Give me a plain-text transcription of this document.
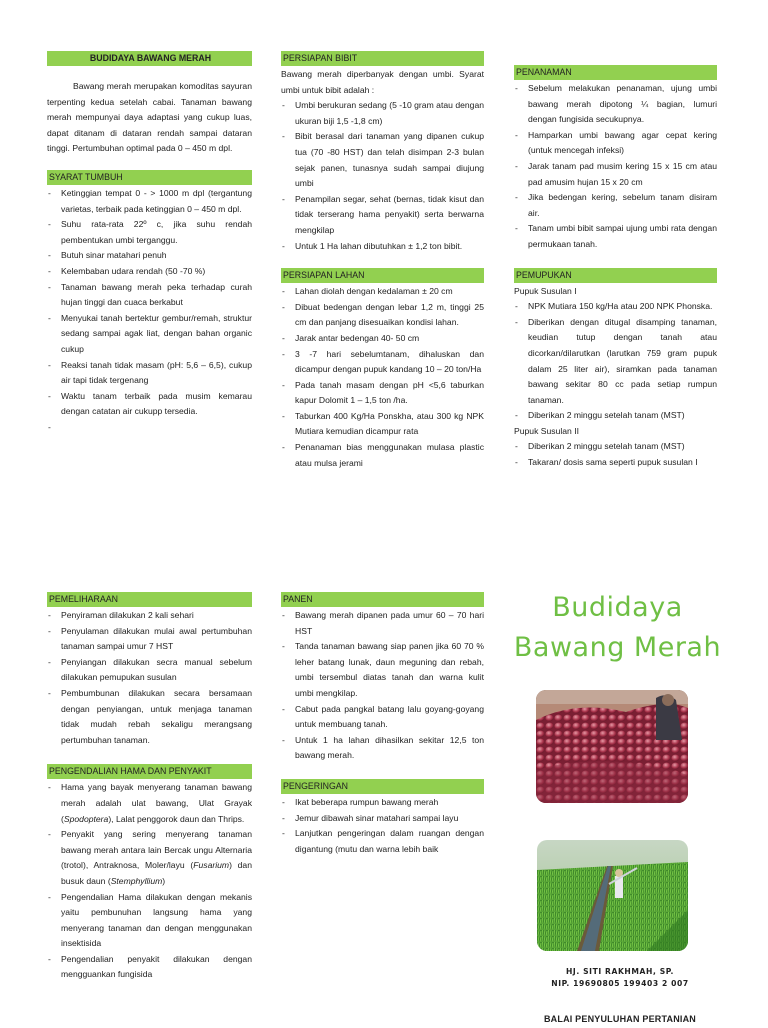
BUDIDAYA BAWANG MERAH
Bawang merah merupakan komoditas sayuran terpenting kedua setelah cabai. Tanaman bawang merah mempunyai daya adaptasi yang cukup luas, dapat ditanam di dataran rendah sampai dataran tinggi. Pertumbuhan optimal pada 0 – 450 m dpl.
SYARAT TUMBUH
- Ketinggian tempat 0 - > 1000 m dpl (tergantung varietas, terbaik pada ketinggian 0 – 450 m dpl.
- Suhu rata-rata 22º c, jika suhu rendah pembentukan umbi terganggu.
- Butuh sinar matahari penuh
- Kelembaban udara rendah (50 -70 %)
- Tanaman bawang merah peka terhadap curah hujan tinggi dan cuaca berkabut
- Menyukai tanah bertektur gembur/remah, struktur sedang sampai agak liat, dengan bahan organic cukup
- Reaksi tanah tidak masam (pH: 5,6 – 6,5), cukup air tapi tidak tergenang
- Waktu tanam terbaik pada musim kemarau dengan catatan air cukupp tersedia.
-
PEMELIHARAAN
- Penyiraman dilakukan 2 kali sehari
- Penyulaman dilakukan mulai awal pertumbuhan tanaman sampai umur 7 HST
- Penyiangan dilakukan secra manual sebelum dilakukan pemupukan susulan
- Pembumbunan dilakukan secara bersamaan dengan penyiangan, untuk menjaga tanaman tidak mudah rebah sekaligu merangsang pertumbuhan tanaman.
PENGENDALIAN HAMA DAN PENYAKIT
- Hama yang bayak menyerang tanaman bawang merah adalah ulat bawang, Ulat Grayak (Spodoptera), Lalat penggorok daun dan Thrips.
- Penyakit yang sering menyerang tanaman bawang merah antara lain Bercak ungu Alternaria (trotol), Antraknosa, Moler/layu (Fusarium) dan busuk daun (Stemphyllium)
- Pengendalian Hama dilakukan dengan mekanis yaitu pembunuhan langsung hama yang menyerang tanaman dan dengan menggunakan insektisida
- Pengendalian penyakit dilakukan dengan mengguankan fungisida
PERSIAPAN BIBIT
Bawang merah diperbanyak dengan umbi. Syarat umbi untuk bibit adalah :
- Umbi berukuran sedang (5 -10 gram atau dengan ukuran biji 1,5 -1,8 cm)
- Bibit berasal dari tanaman yang dipanen cukup tua (70 -80 HST) dan telah disimpan 2-3 bulan sejak panen, tunasnya sudah sampai diujung umbi
- Penampilan segar, sehat (bernas, tidak kisut dan tidak terserang hama penyakit) serta berwarna mengkilap
- Untuk 1 Ha lahan dibutuhkan ± 1,2 ton bibit.
PERSIAPAN LAHAN
- Lahan diolah dengan kedalaman ± 20 cm
- Dibuat bedengan dengan lebar 1,2 m, tinggi 25 cm dan panjang disesuaikan kondisi lahan.
- Jarak antar bedengan 40- 50 cm
- 3 -7 hari sebelumtanam, dihaluskan dan dicampur dengan pupuk kandang 10 – 20 ton/Ha
- Pada tanah masam dengan pH <5,6 taburkan kapur Dolomit 1 – 1,5 ton /ha.
- Taburkan 400 Kg/Ha Ponskha, atau 300 kg NPK Mutiara kemudian dicampur rata
- Penanaman bias menggunakan mulasa plastic atau mulsa jerami
PANEN
- Bawang merah dipanen pada umur 60 – 70 hari HST
- Tanda tanaman bawang siap panen jika 60 70 % leher batang lunak, daun meguning dan rebah, umbi tersembul diatas tanah dan warna kulit umbi mengkilap.
- Cabut pada pangkal batang lalu goyang-goyang untuk membuang tanah.
- Untuk 1 ha lahan dihasilkan sekitar 12,5 ton bawang merah.
PENGERINGAN
- Ikat beberapa rumpun bawang merah
- Jemur dibawah sinar matahari sampai layu
- Lanjutkan pengeringan dalam ruangan dengan digantung (mutu dan warna lebih baik
PENANAMAN
- Sebelum melakukan penanaman, ujung umbi bawang merah dipotong ¼ bagian, lumuri dengan fungisida secukupnya.
- Hamparkan umbi bawang agar cepat kering (untuk mencegah infeksi)
- Jarak tanam pad musim kering 15 x 15 cm atau pad amusim hujan 15 x 20 cm
- Jika bedengan kering, sebelum tanam disiram air.
- Tanam umbi bibit sampai ujung umbi rata dengan permukaan tanah.
PEMUPUKAN
Pupuk Susulan I
- NPK Mutiara 150 kg/Ha atau 200 NPK Phonska.
- Diberikan dengan ditugal disamping tanaman, keudian tutup dengan tanah atau dicorkan/dilarutkan (larutkan 759 gram pupuk dalam 25 liter air), siramkan pada tanaman bawang sekitar 80 cc pada setiap rumpun tanaman.
- Diberikan 2 minggu setelah tanam (MST)
Pupuk Susulan II
- Diberikan 2 minggu setelah tanam (MST)
- Takaran/ dosis sama seperti pupuk susulan I
Budidaya
Bawang Merah
HJ. SITI RAKHMAH, SP.
NIP. 19690805 199403 2 007
BALAI PENYULUHAN PERTANIAN
